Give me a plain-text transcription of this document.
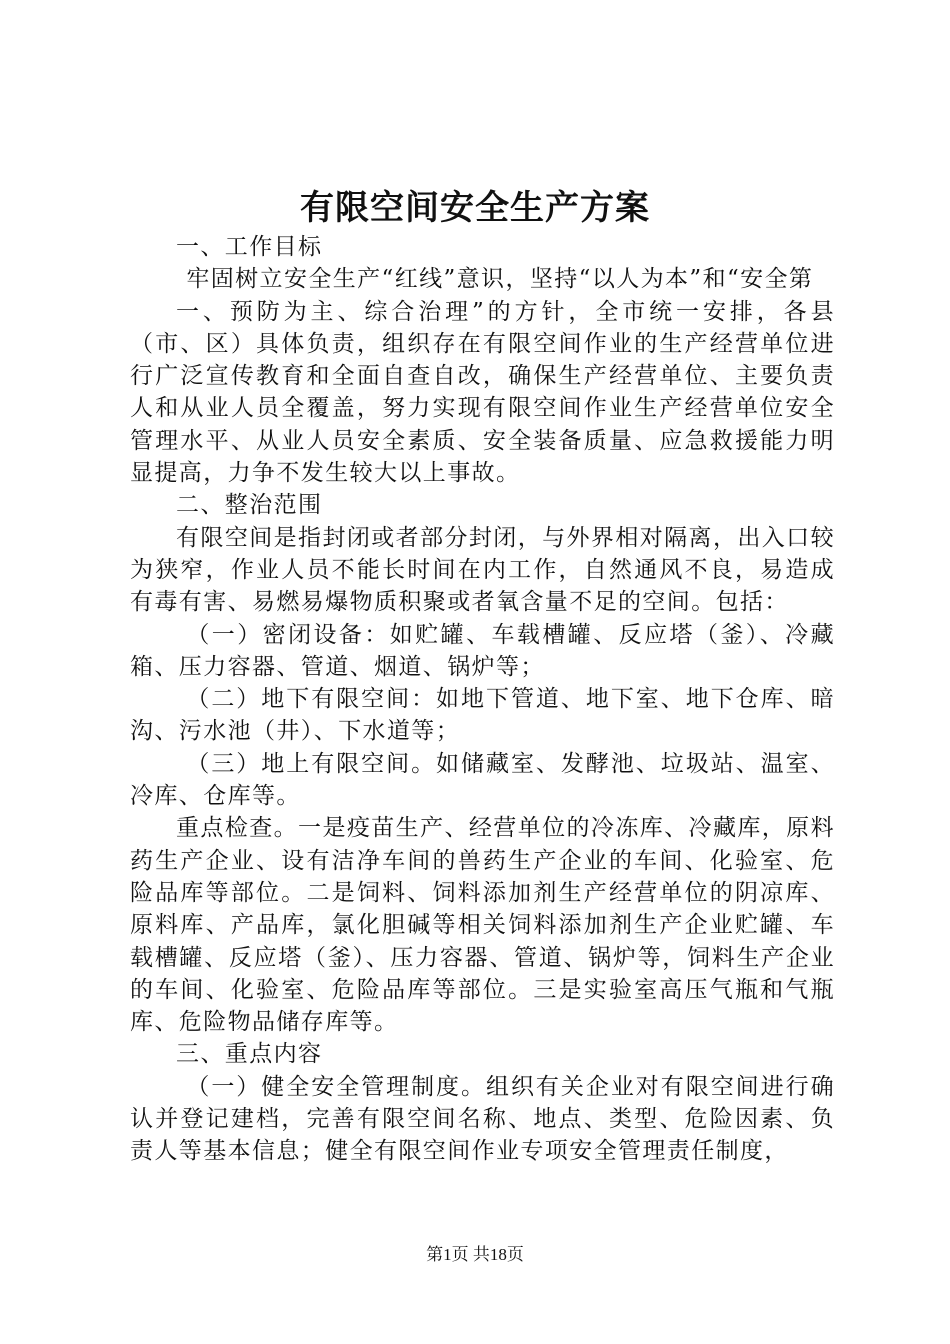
有限空间安全生产方案

一、工作目标

牢固树立安全生产“红线”意识，坚持“以人为本”和“安全第

一、预防为主、综合治理”的方针，全市统一安排，各县（市、区）具体负责，组织存在有限空间作业的生产经营单位进行广泛宣传教育和全面自查自改，确保生产经营单位、主要负责人和从业人员全覆盖，努力实现有限空间作业生产经营单位安全管理水平、从业人员安全素质、安全装备质量、应急救援能力明显提高，力争不发生较大以上事故。

二、整治范围

有限空间是指封闭或者部分封闭，与外界相对隔离，出入口较为狭窄，作业人员不能长时间在内工作，自然通风不良，易造成有毒有害、易燃易爆物质积聚或者氧含量不足的空间。包括：

（一）密闭设备：如贮罐、车载槽罐、反应塔（釜）、冷藏箱、压力容器、管道、烟道、锅炉等；

（二）地下有限空间：如地下管道、地下室、地下仓库、暗沟、污水池（井）、下水道等；

（三）地上有限空间。如储藏室、发酵池、垃圾站、温室、冷库、仓库等。

重点检查。一是疫苗生产、经营单位的冷冻库、冷藏库，原料药生产企业、设有洁净车间的兽药生产企业的车间、化验室、危险品库等部位。二是饲料、饲料添加剂生产经营单位的阴凉库、原料库、产品库，氯化胆碱等相关饲料添加剂生产企业贮罐、车载槽罐、反应塔（釜）、压力容器、管道、锅炉等，饲料生产企业的车间、化验室、危险品库等部位。三是实验室高压气瓶和气瓶库、危险物品储存库等。

三、重点内容

（一）健全安全管理制度。组织有关企业对有限空间进行确认并登记建档，完善有限空间名称、地点、类型、危险因素、负责人等基本信息；健全有限空间作业专项安全管理责任制度，

第1页 共18页
